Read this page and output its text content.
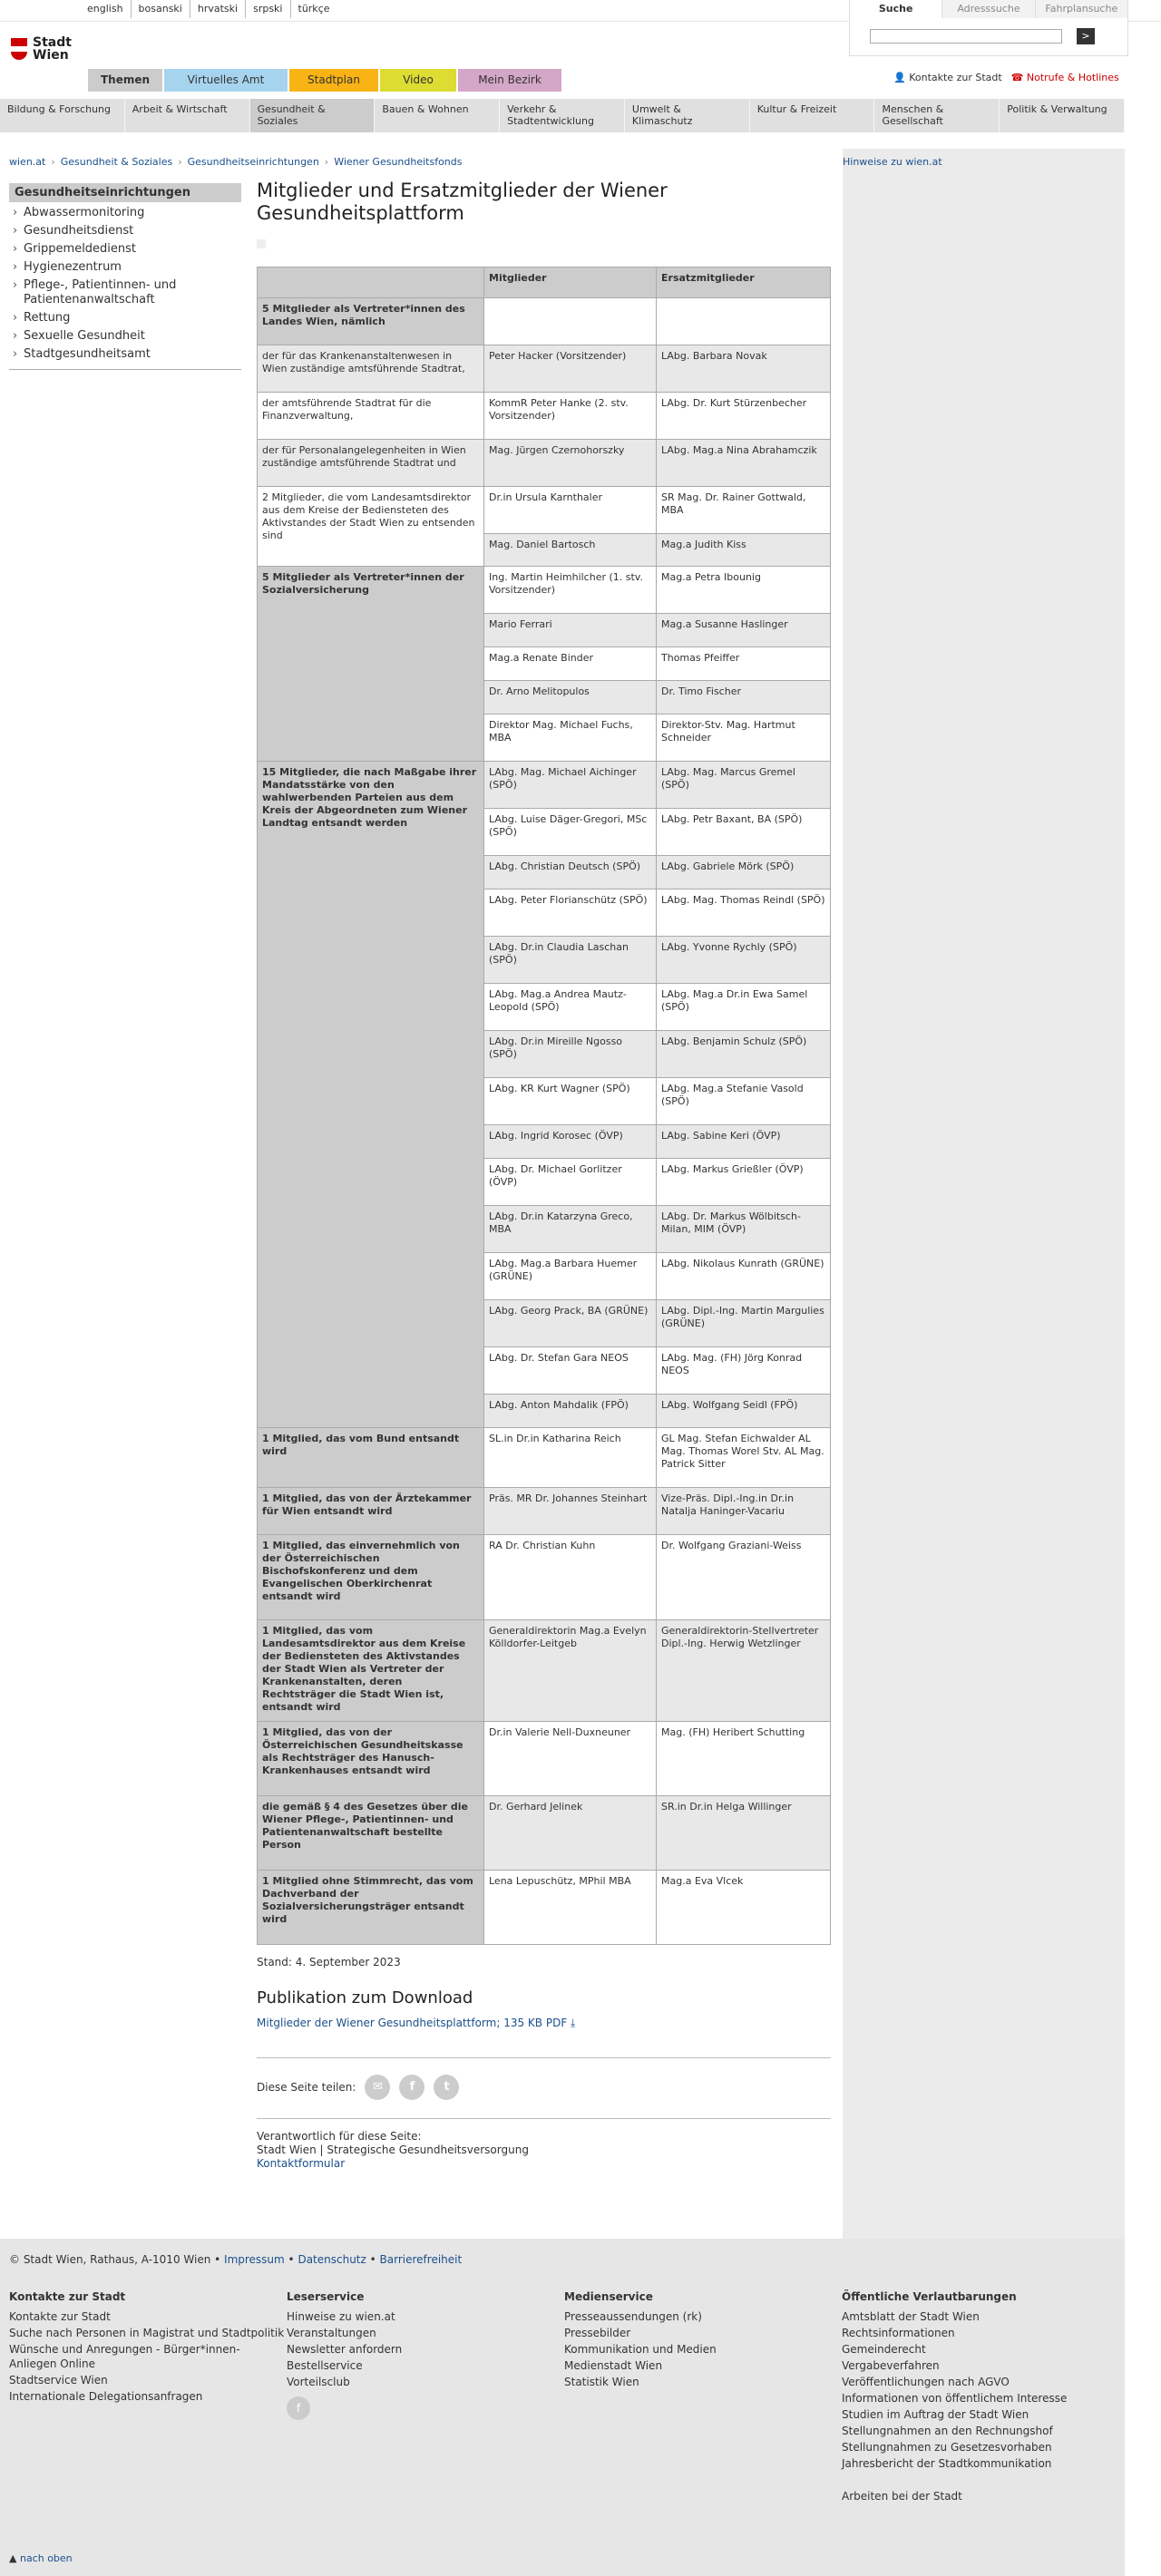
english	bosanski	hrvatski	srpski	türkçe	Suche	Adresssuche	Fahrplansuche
>
Stadt Wien
Themen	Virtuelles Amt	Stadtplan	Video	Mein Bezirk	👤 Kontakte zur Stadt ☎ Notrufe & Hotlines
Bildung & Forschung	Arbeit & Wirtschaft	Gesundheit & Soziales
Bauen & Wohnen	Verkehr & Stadtentwicklung
Umwelt & Klimaschutz
Kultur & Freizeit	Menschen & Gesellschaft
Politik & Verwaltung
wien.at › Gesundheit & Soziales › Gesundheitseinrichtungen › Wiener Gesundheitsfonds	Hinweise zu wien.at
Gesundheitseinrichtungen
› Abwassermonitoring
› Gesundheitsdienst
› Grippemeldedienst
› Hygienezentrum
› Pflege-, Patientinnen- und Patientenanwaltschaft
› Rettung
› Sexuelle Gesundheit
› Stadtgesundheitsamt
Mitglieder und Ersatzmitglieder der Wiener Gesundheitsplattform
	Mitglieder	Ersatzmitglieder
5 Mitglieder als Vertreter*innen des Landes Wien, nämlich		
der für das Krankenanstaltenwesen in Wien zuständige amtsführende Stadtrat,	Peter Hacker (Vorsitzender)	LAbg. Barbara Novak
der amtsführende Stadtrat für die Finanzverwaltung,	KommR Peter Hanke (2. stv. Vorsitzender)	LAbg. Dr. Kurt Stürzenbecher
der für Personalangelegenheiten in Wien zuständige amtsführende Stadtrat und	Mag. Jürgen Czernohorszky	LAbg. Mag.a Nina Abrahamczik
2 Mitglieder, die vom Landesamtsdirektor aus dem Kreise der Bediensteten des Aktivstandes der Stadt Wien zu entsenden sind	Dr.in Ursula Karnthaler	SR Mag. Dr. Rainer Gottwald, MBA
	Mag. Daniel Bartosch	Mag.a Judith Kiss
5 Mitglieder als Vertreter*innen der Sozialversicherung	Ing. Martin Heimhilcher (1. stv. Vorsitzender)	Mag.a Petra Ibounig
	Mario Ferrari	Mag.a Susanne Haslinger
	Mag.a Renate Binder	Thomas Pfeiffer
	Dr. Arno Melitopulos	Dr. Timo Fischer
	Direktor Mag. Michael Fuchs, MBA	Direktor-Stv. Mag. Hartmut Schneider
15 Mitglieder, die nach Maßgabe ihrer Mandatsstärke von den wahlwerbenden Parteien aus dem Kreis der Abgeordneten zum Wiener Landtag entsandt werden	LAbg. Mag. Michael Aichinger (SPÖ)	LAbg. Mag. Marcus Gremel (SPÖ)
	LAbg. Luise Däger-Gregori, MSc (SPÖ)	LAbg. Petr Baxant, BA (SPÖ)
	LAbg. Christian Deutsch (SPÖ)	LAbg. Gabriele Mörk (SPÖ)
	LAbg. Peter Florianschütz (SPÖ)	LAbg. Mag. Thomas Reindl (SPÖ)
	LAbg. Dr.in Claudia Laschan (SPÖ)	LAbg. Yvonne Rychly (SPÖ)
	LAbg. Mag.a Andrea Mautz-Leopold (SPÖ)	LAbg. Mag.a Dr.in Ewa Samel (SPÖ)
	LAbg. Dr.in Mireille Ngosso (SPÖ)	LAbg. Benjamin Schulz (SPÖ)
	LAbg. KR Kurt Wagner (SPÖ)	LAbg. Mag.a Stefanie Vasold (SPÖ)
	LAbg. Ingrid Korosec (ÖVP)	LAbg. Sabine Keri (ÖVP)
	LAbg. Dr. Michael Gorlitzer (ÖVP)	LAbg. Markus Grießler (ÖVP)
	LAbg. Dr.in Katarzyna Greco, MBA	LAbg. Dr. Markus Wölbitsch-Milan, MIM (ÖVP)
	LAbg. Mag.a Barbara Huemer (GRÜNE)	LAbg. Nikolaus Kunrath (GRÜNE)
	LAbg. Georg Prack, BA (GRÜNE)	LAbg. Dipl.-Ing. Martin Margulies (GRÜNE)
	LAbg. Dr. Stefan Gara NEOS	LAbg. Mag. (FH) Jörg Konrad NEOS
	LAbg. Anton Mahdalik (FPÖ)	LAbg. Wolfgang Seidl (FPÖ)
1 Mitglied, das vom Bund entsandt wird	SL.in Dr.in Katharina Reich	GL Mag. Stefan Eichwalder AL Mag. Thomas Worel Stv. AL Mag. Patrick Sitter
1 Mitglied, das von der Ärztekammer für Wien entsandt wird	Präs. MR Dr. Johannes Steinhart	Vize-Präs. Dipl.-Ing.in Dr.in Natalja Haninger-Vacariu
1 Mitglied, das einvernehmlich von der Österreichischen Bischofskonferenz und dem Evangelischen Oberkirchenrat entsandt wird	RA Dr. Christian Kuhn	Dr. Wolfgang Graziani-Weiss
1 Mitglied, das vom Landesamtsdirektor aus dem Kreise der Bediensteten des Aktivstandes der Stadt Wien als Vertreter der Krankenanstalten, deren Rechtsträger die Stadt Wien ist, entsandt wird	Generaldirektorin Mag.a Evelyn Kölldorfer-Leitgeb	Generaldirektorin-Stellvertreter Dipl.-Ing. Herwig Wetzlinger
1 Mitglied, das von der Österreichischen Gesundheitskasse als Rechtsträger des Hanusch-Krankenhauses entsandt wird	Dr.in Valerie Nell-Duxneuner	Mag. (FH) Heribert Schutting
die gemäß § 4 des Gesetzes über die Wiener Pflege-, Patientinnen- und Patientenanwaltschaft bestellte Person	Dr. Gerhard Jelinek	SR.in Dr.in Helga Willinger
1 Mitglied ohne Stimmrecht, das vom Dachverband der Sozialversicherungsträger entsandt wird	Lena Lepuschütz, MPhil MBA	Mag.a Eva Vlcek
Stand: 4. September 2023
Publikation zum Download
Mitglieder der Wiener Gesundheitsplattform; 135 KB PDF ⤓
Diese Seite teilen:	✉	f	t
Verantwortlich für diese Seite:
Stadt Wien | Strategische Gesundheitsversorgung
Kontaktformular
© Stadt Wien, Rathaus, A-1010 Wien • Impressum • Datenschutz • Barrierefreiheit
Kontakte zur Stadt
Kontakte zur Stadt
Suche nach Personen in Magistrat und Stadtpolitik
Wünsche und Anregungen - Bürger*innen-Anliegen Online
Stadtservice Wien
Internationale Delegationsanfragen
Leserservice
Hinweise zu wien.at
Veranstaltungen
Newsletter anfordern
Bestellservice
Vorteilsclub
f
Medienservice
Presseaussendungen (rk)
Pressebilder
Kommunikation und Medien
Medienstadt Wien
Statistik Wien
Öffentliche Verlautbarungen
Amtsblatt der Stadt Wien
Rechtsinformationen
Gemeinderecht
Vergabeverfahren
Veröffentlichungen nach AGVO
Informationen von öffentlichem Interesse
Studien im Auftrag der Stadt Wien
Stellungnahmen an den Rechnungshof
Stellungnahmen zu Gesetzesvorhaben
Jahresbericht der Stadtkommunikation
Arbeiten bei der Stadt
▲ nach oben
